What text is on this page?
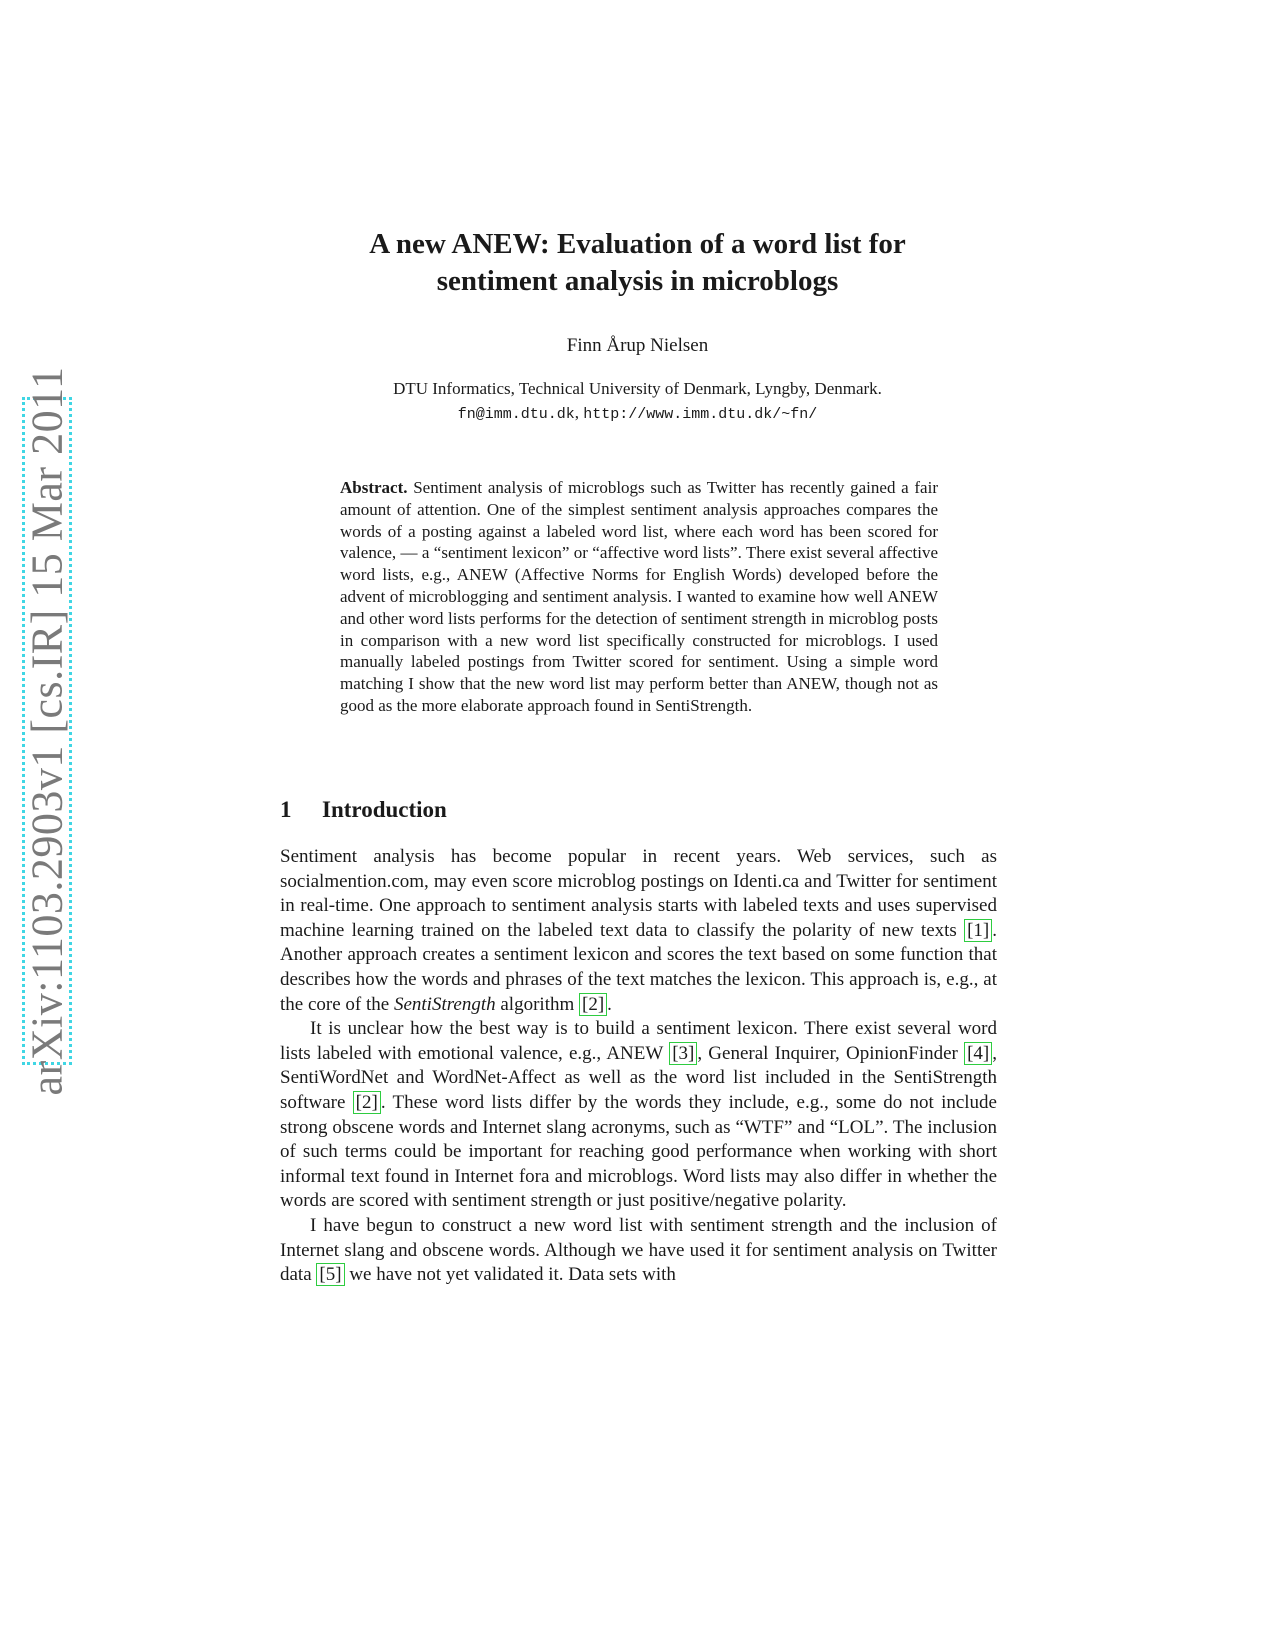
arXiv:1103.2903v1 [cs.IR] 15 Mar 2011
A new ANEW: Evaluation of a word list for
sentiment analysis in microblogs

Finn Årup Nielsen

DTU Informatics, Technical University of Denmark, Lyngby, Denmark.
fn@imm.dtu.dk, http://www.imm.dtu.dk/~fn/

Abstract. Sentiment analysis of microblogs such as Twitter has recently gained a fair amount of attention. One of the simplest sentiment analysis approaches compares the words of a posting against a labeled word list, where each word has been scored for valence, — a “sentiment lexicon” or “affective word lists”. There exist several affective word lists, e.g., ANEW (Affective Norms for English Words) developed before the advent of microblogging and sentiment analysis. I wanted to examine how well ANEW and other word lists performs for the detection of sentiment strength in microblog posts in comparison with a new word list specifically constructed for microblogs. I used manually labeled postings from Twitter scored for sentiment. Using a simple word matching I show that the new word list may perform better than ANEW, though not as good as the more elaborate approach found in SentiStrength.

1 Introduction

Sentiment analysis has become popular in recent years. Web services, such as socialmention.com, may even score microblog postings on Identi.ca and Twitter for sentiment in real-time. One approach to sentiment analysis starts with labeled texts and uses supervised machine learning trained on the labeled text data to classify the polarity of new texts [1] . Another approach creates a sentiment lexicon and scores the text based on some function that describes how the words and phrases of the text matches the lexicon. This approach is, e.g., at the core of the SentiStrength algorithm [2] .

It is unclear how the best way is to build a sentiment lexicon. There exist several word lists labeled with emotional valence, e.g., ANEW [3] , General Inquirer, OpinionFinder [4] , SentiWordNet and WordNet-Affect as well as the word list included in the SentiStrength software [2] . These word lists differ by the words they include, e.g., some do not include strong obscene words and Internet slang acronyms, such as “WTF” and “LOL”. The inclusion of such terms could be important for reaching good performance when working with short informal text found in Internet fora and microblogs. Word lists may also differ in whether the words are scored with sentiment strength or just positive/negative polarity.

I have begun to construct a new word list with sentiment strength and the inclusion of Internet slang and obscene words. Although we have used it for sentiment analysis on Twitter data [5] we have not yet validated it. Data sets with
